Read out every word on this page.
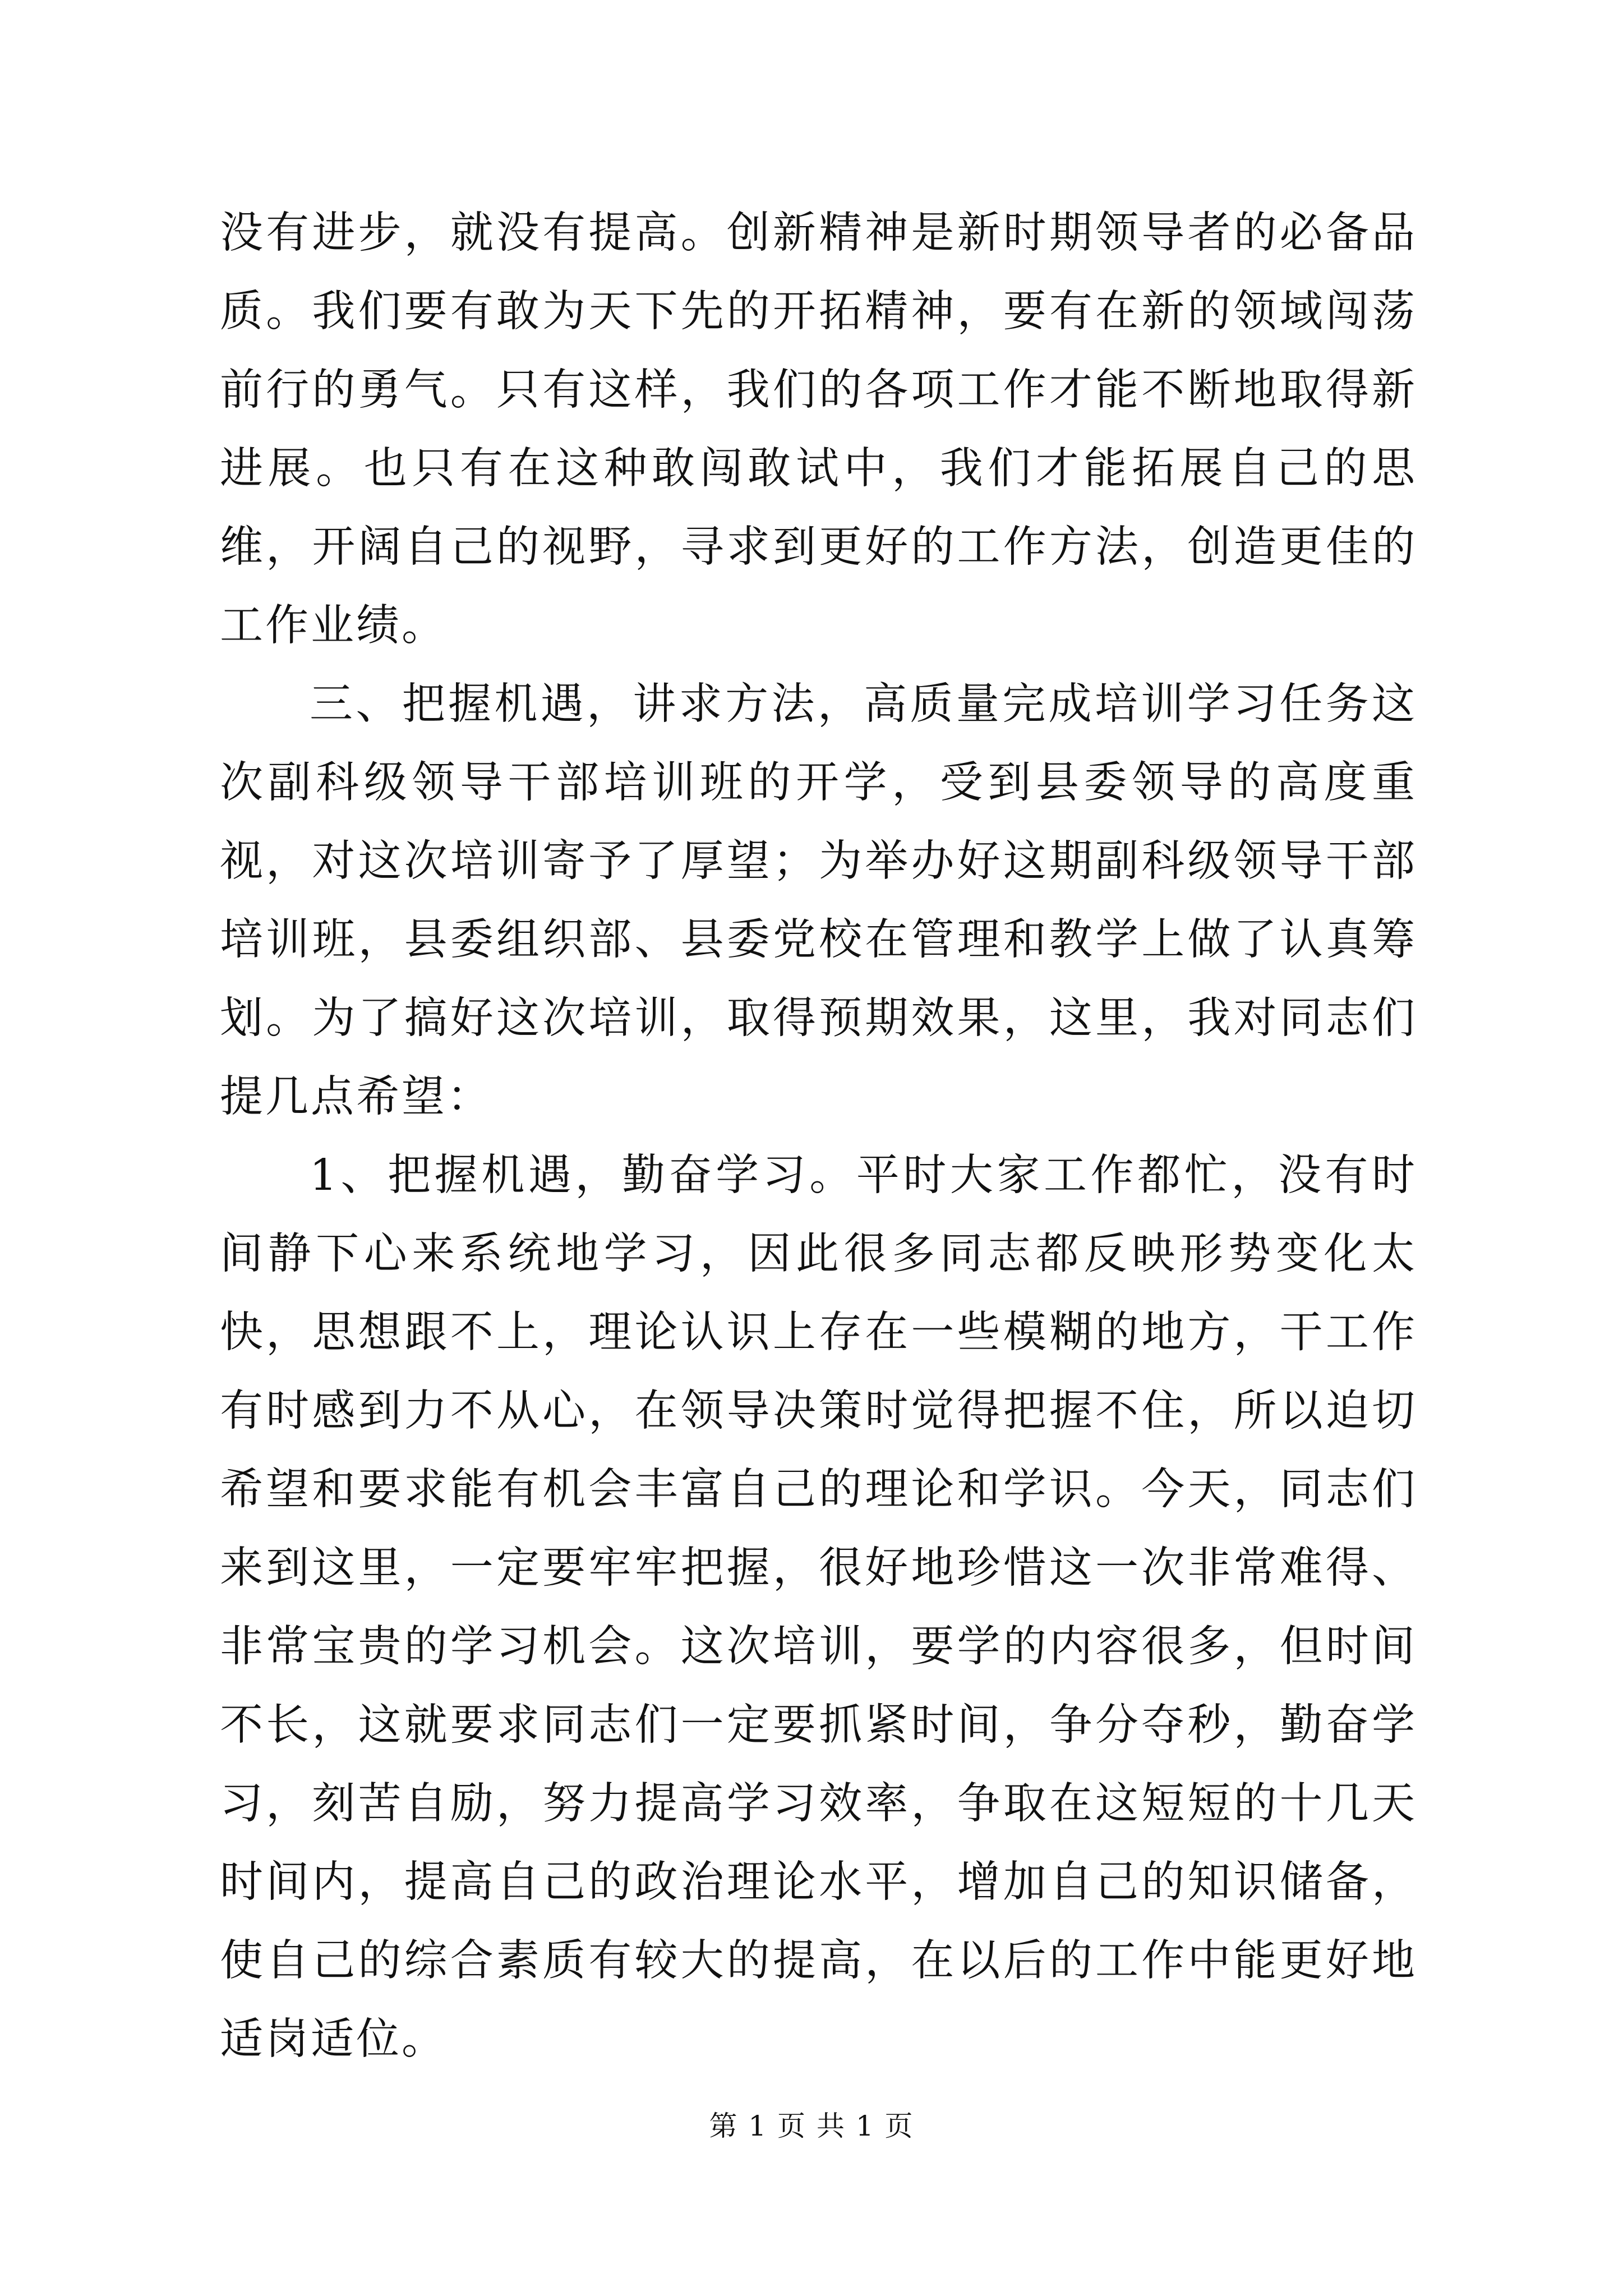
没有进步，就没有提高。创新精神是新时期领导者的必备品质。我们要有敢为天下先的开拓精神，要有在新的领域闯荡前行的勇气。只有这样，我们的各项工作才能不断地取得新进展。也只有在这种敢闯敢试中，我们才能拓展自己的思维，开阔自己的视野，寻求到更好的工作方法，创造更佳的工作业绩。

三、把握机遇，讲求方法，高质量完成培训学习任务这次副科级领导干部培训班的开学，受到县委领导的高度重视，对这次培训寄予了厚望；为举办好这期副科级领导干部培训班，县委组织部、县委党校在管理和教学上做了认真筹划。为了搞好这次培训，取得预期效果，这里，我对同志们提几点希望：

1、把握机遇，勤奋学习。平时大家工作都忙，没有时间静下心来系统地学习，因此很多同志都反映形势变化太快，思想跟不上，理论认识上存在一些模糊的地方，干工作有时感到力不从心，在领导决策时觉得把握不住，所以迫切希望和要求能有机会丰富自己的理论和学识。今天，同志们来到这里，一定要牢牢把握，很好地珍惜这一次非常难得、非常宝贵的学习机会。这次培训，要学的内容很多，但时间不长，这就要求同志们一定要抓紧时间，争分夺秒，勤奋学习，刻苦自励，努力提高学习效率，争取在这短短的十几天时间内，提高自己的政治理论水平，增加自己的知识储备，使自己的综合素质有较大的提高，在以后的工作中能更好地适岗适位。

第 1 页 共 1 页
